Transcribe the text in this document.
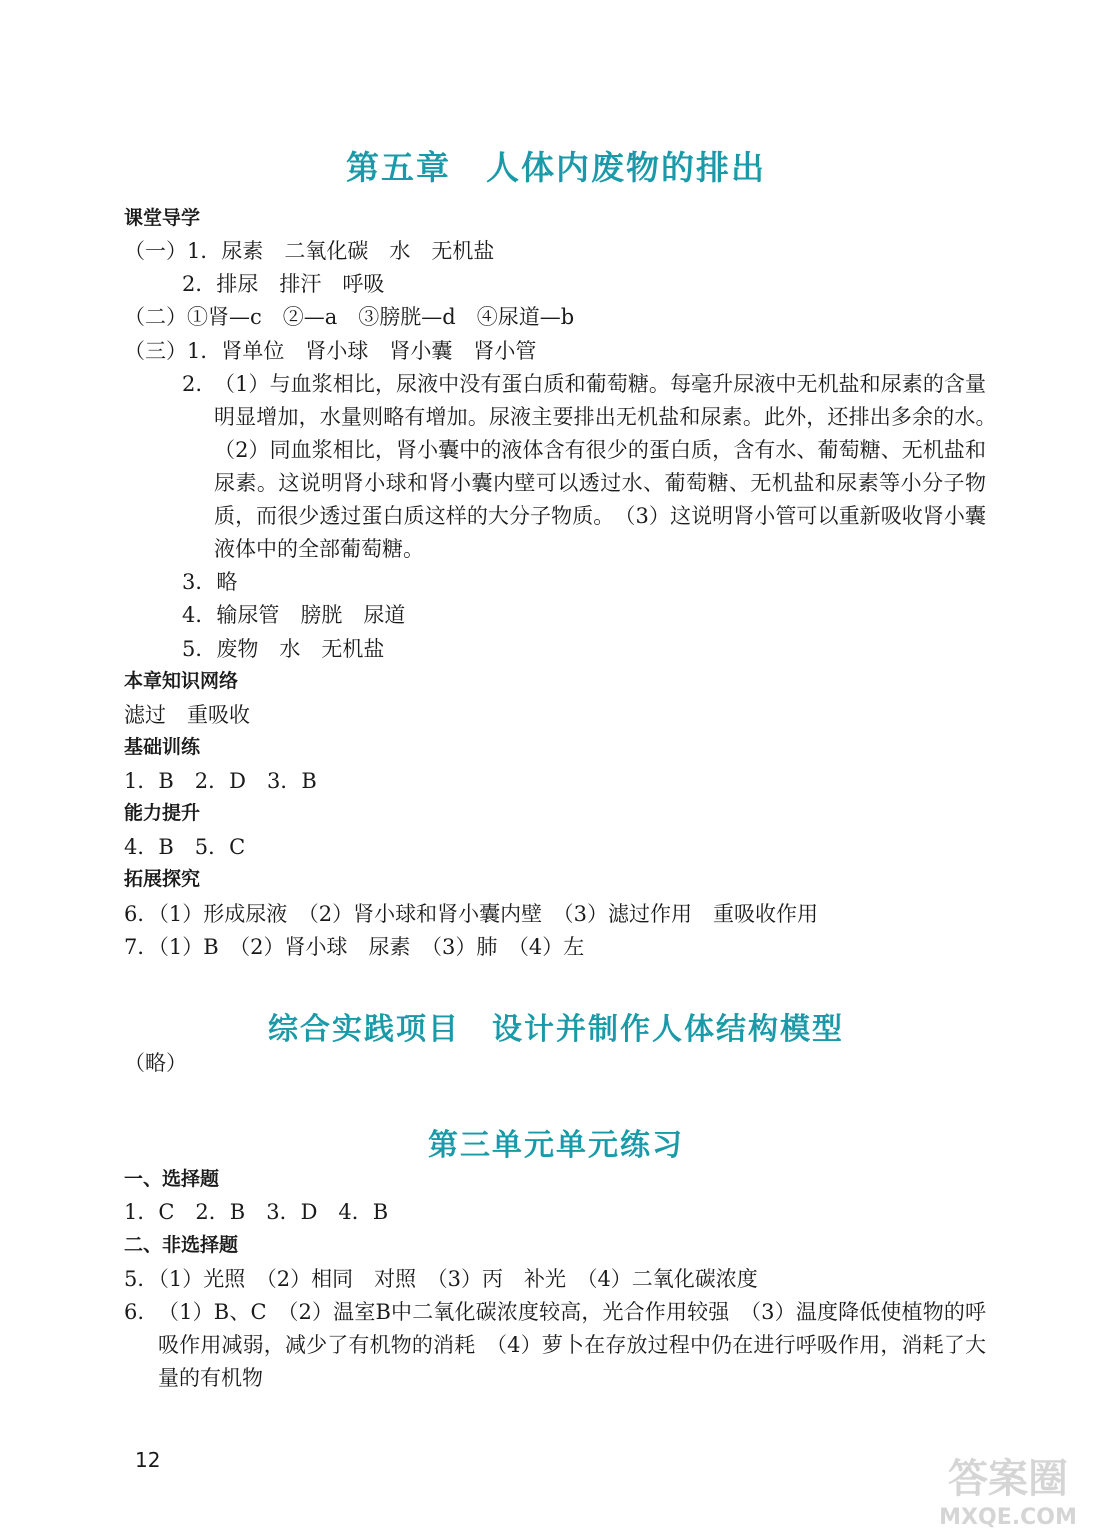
第五章　人体内废物的排出
课堂导学
（一）1．尿素　二氧化碳　水　无机盐
2．排尿　排汗　呼吸
（二）①肾—c　②—a　③膀胱—d　④尿道—b
（三）1．肾单位　肾小球　肾小囊　肾小管
2. （1）与血浆相比，尿液中没有蛋白质和葡萄糖。每毫升尿液中无机盐和尿素的含量明显增加，水量则略有增加。尿液主要排出无机盐和尿素。此外，还排出多余的水。　（2）同血浆相比，肾小囊中的液体含有很少的蛋白质，含有水、葡萄糖、无机盐和尿素。这说明肾小球和肾小囊内壁可以透过水、葡萄糖、无机盐和尿素等小分子物质，而很少透过蛋白质这样的大分子物质。　（3）这说明肾小管可以重新吸收肾小囊液体中的全部葡萄糖。
3．略
4．输尿管　膀胱　尿道
5．废物　水　无机盐
本章知识网络
滤过　重吸收
基础训练
1．B　2．D　3．B
能力提升
4．B　5．C
拓展探究
6．（1）形成尿液　（2）肾小球和肾小囊内壁　（3）滤过作用　重吸收作用
7．（1）B　（2）肾小球　尿素　（3）肺　（4）左
综合实践项目　设计并制作人体结构模型
（略）
第三单元单元练习
一、选择题
1．C　2．B　3．D　4．B
二、非选择题
5．（1）光照　（2）相同　对照　（3）丙　补光　（4）二氧化碳浓度
6. （1）B、C　（2）温室B中二氧化碳浓度较高，光合作用较强　（3）温度降低使植物的呼吸作用减弱，减少了有机物的消耗　（4）萝卜在存放过程中仍在进行呼吸作用，消耗了大量的有机物
12	答案圈
MXQE.COM
